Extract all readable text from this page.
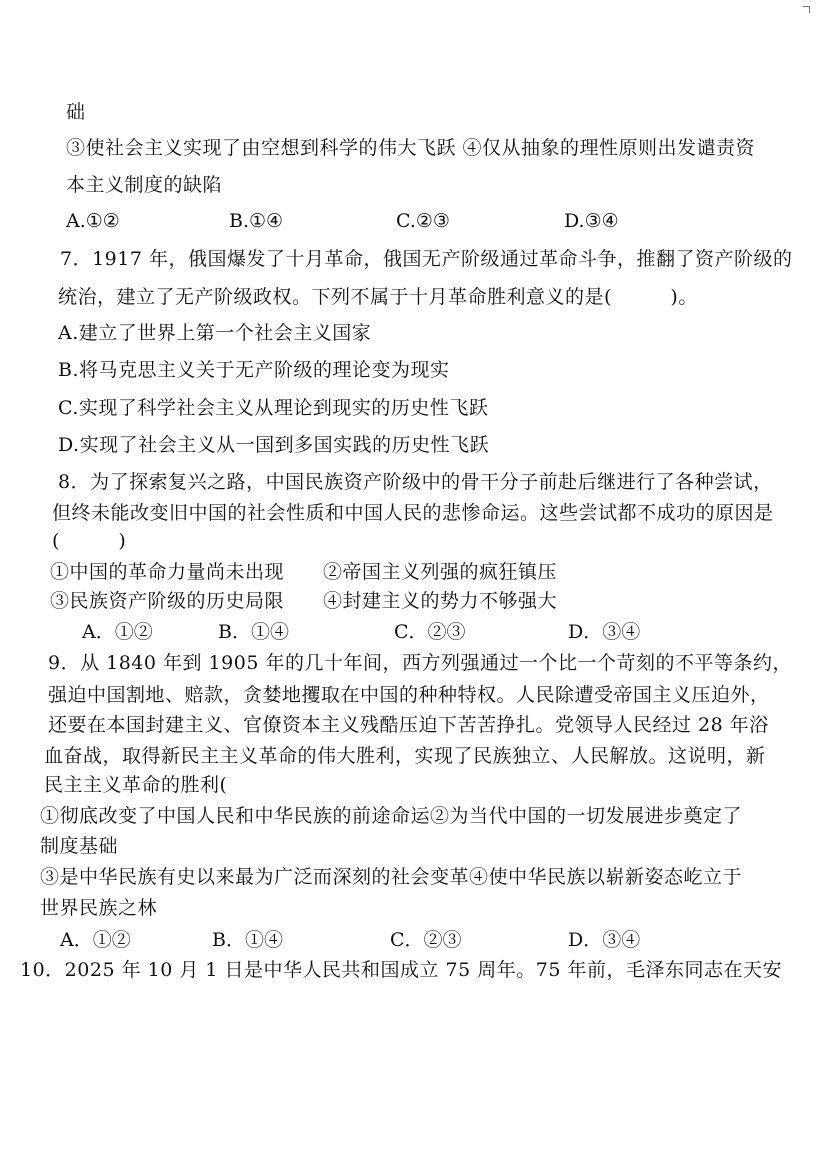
础
③使社会主义实现了由空想到科学的伟大飞跃 ④仅从抽象的理性原则出发谴责资
本主义制度的缺陷
A.①②	B.①④	C.②③	D.③④
7．1917 年，俄国爆发了十月革命，俄国无产阶级通过革命斗争，推翻了资产阶级的
统治，建立了无产阶级政权。下列不属于十月革命胜利意义的是(　　　)。
A.建立了世界上第一个社会主义国家
B.将马克思主义关于无产阶级的理论变为现实
C.实现了科学社会主义从理论到现实的历史性飞跃
D.实现了社会主义从一国到多国实践的历史性飞跃
8．为了探索复兴之路，中国民族资产阶级中的骨干分子前赴后继进行了各种尝试，
但终未能改变旧中国的社会性质和中国人民的悲惨命运。这些尝试都不成功的原因是
(　　　)
①中国的革命力量尚未出现　　②帝国主义列强的疯狂镇压
③民族资产阶级的历史局限　　④封建主义的势力不够强大
A．①②	B．①④	C．②③	D．③④
9．从 1840 年到 1905 年的几十年间，西方列强通过一个比一个苛刻的不平等条约，
强迫中国割地、赔款，贪婪地攫取在中国的种种特权。人民除遭受帝国主义压迫外，
还要在本国封建主义、官僚资本主义残酷压迫下苦苦挣扎。党领导人民经过 28 年浴
血奋战，取得新民主主义革命的伟大胜利，实现了民族独立、人民解放。这说明，新
民主主义革命的胜利(
①彻底改变了中国人民和中华民族的前途命运②为当代中国的一切发展进步奠定了
制度基础
③是中华民族有史以来最为广泛而深刻的社会变革④使中华民族以崭新姿态屹立于
世界民族之林
A．①②	B．①④	C．②③	D．③④
10．2025 年 10 月 1 日是中华人民共和国成立 75 周年。75 年前，毛泽东同志在天安
